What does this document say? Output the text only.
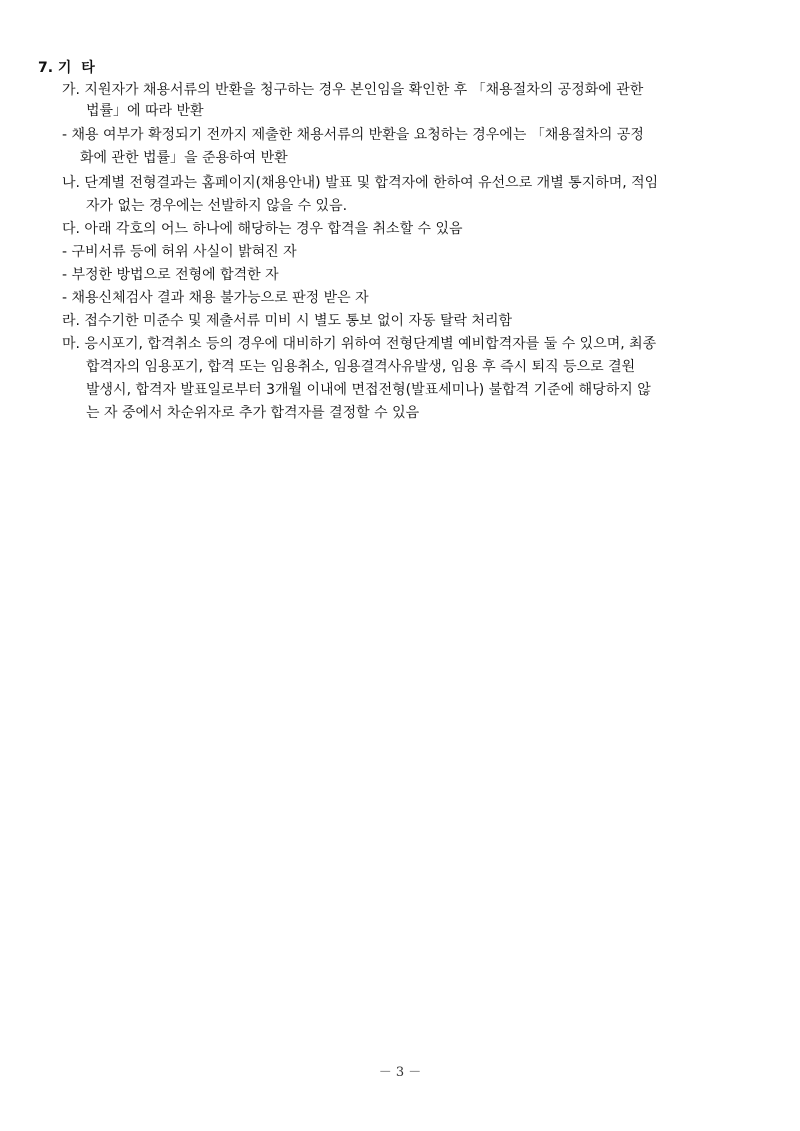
7. 기  타
가. 지원자가 채용서류의 반환을 청구하는 경우 본인임을 확인한 후 「채용절차의 공정화에 관한
법률」에 따라 반환
- 채용 여부가 확정되기 전까지 제출한 채용서류의 반환을 요청하는 경우에는 「채용절차의 공정
화에 관한 법률」을 준용하여 반환
나. 단계별 전형결과는 홈페이지(채용안내) 발표 및 합격자에 한하여 유선으로 개별 통지하며, 적임
자가 없는 경우에는 선발하지 않을 수 있음.
다. 아래 각호의 어느 하나에 해당하는 경우 합격을 취소할 수 있음
- 구비서류 등에 허위 사실이 밝혀진 자
- 부정한 방법으로 전형에 합격한 자
- 채용신체검사 결과 채용 불가능으로 판정 받은 자
라. 접수기한 미준수 및 제출서류 미비 시 별도 통보 없이 자동 탈락 처리함
마. 응시포기, 합격취소 등의 경우에 대비하기 위하여 전형단계별 예비합격자를 둘 수 있으며, 최종
합격자의 임용포기, 합격 또는 임용취소, 임용결격사유발생, 임용 후 즉시 퇴직 등으로 결원
발생시, 합격자 발표일로부터 3개월 이내에 면접전형(발표세미나) 불합격 기준에 해당하지 않
는 자 중에서 차순위자로 추가 합격자를 결정할 수 있음
－ 3 －
